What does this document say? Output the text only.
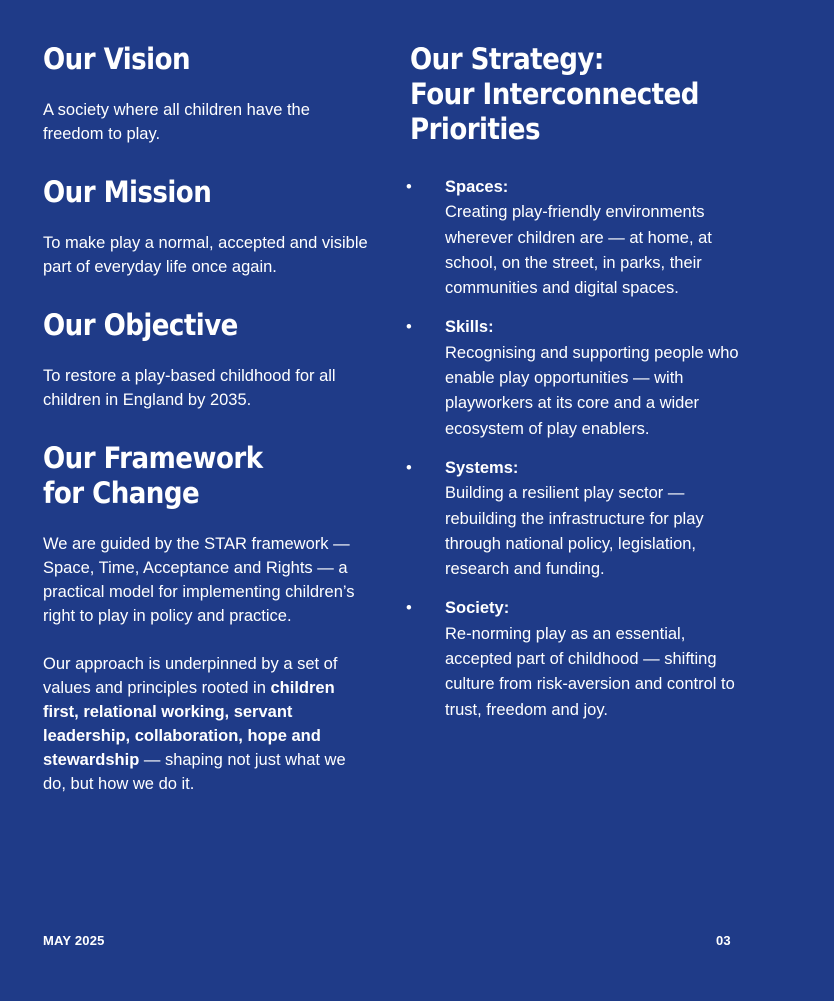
Our Vision

A society where all children have the freedom to play.

Our Mission

To make play a normal, accepted and visible part of everyday life once again.

Our Objective

To restore a play-based childhood for all children in England by 2035.

Our Framework
for Change

We are guided by the STAR framework — Space, Time, Acceptance and Rights — a practical model for implementing children’s right to play in policy and practice.

Our approach is underpinned by a set of values and principles rooted in children first, relational working, servant leadership, collaboration, hope and stewardship — shaping not just what we do, but how we do it.

Our Strategy:
Four Interconnected
Priorities
• Spaces:
Creating play-friendly environments wherever children are — at home, at school, on the street, in parks, their communities and digital spaces.
• Skills:
Recognising and supporting people who enable play opportunities — with playworkers at its core and a wider ecosystem of play enablers.
• Systems:
Building a resilient play sector — rebuilding the infrastructure for play through national policy, legislation, research and funding.
• Society:
Re-norming play as an essential, accepted part of childhood — shifting culture from risk-aversion and control to trust, freedom and joy.
MAY 2025	03
